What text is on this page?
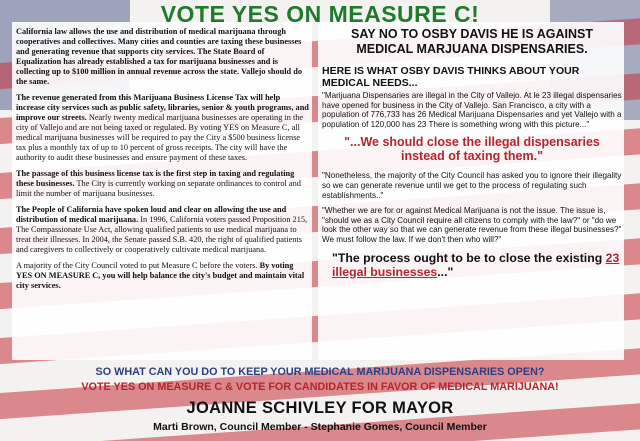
VOTE YES ON MEASURE C!

California law allows the use and distribution of medical marijuana through cooperatives and collectives. Many cities and counties are taxing these businesses and generating revenue that supports city services. The State Board of Equalization has already established a tax for marijuana businesses and is collecting up to $100 million in annual revenue across the state. Vallejo should do the same.

The revenue generated from this Marijuana Business License Tax will help increase city services such as public safety, libraries, senior & youth programs, and improve our streets. Nearly twenty medical marijuana businesses are operating in the city of Vallejo and are not being taxed or regulated. By voting YES on Measure C, all medical marijuana businesses will be required to pay the City a $500 business license tax plus a monthly tax of up to 10 percent of gross receipts. The city will have the authority to audit these businesses and ensure payment of these taxes.

The passage of this business license tax is the first step in taxing and regulating these businesses. The City is currently working on separate ordinances to control and limit the number of marijuana businesses.

The People of California have spoken loud and clear on allowing the use and distribution of medical marijuana. In 1996, California voters passed Proposition 215, The Compassionate Use Act, allowing qualified patients to use medical marijuana to treat their illnesses. In 2004, the Senate passed S.B. 420, the right of qualified patients and caregivers to collectively or cooperatively cultivate medical marijuana.

A majority of the City Council voted to put Measure C before the voters. By voting YES ON MEASURE C, you will help balance the city's budget and maintain vital city services.

SAY NO TO OSBY DAVIS HE IS AGAINST MEDICAL MARJUANA DISPENSARIES.

HERE IS WHAT OSBY DAVIS THINKS ABOUT YOUR MEDICAL NEEDS...

"Marijuana Dispensaries are illegal in the City of Vallejo. At le 23 illegal dispensaries have opened for business in the City of Vallejo. San Francisco, a city with a population of 776,733 has 26 Medical Marijuana Dispensaries and yet Vallejo with a population of 120,000 has 23 There is something wrong with this picture..."

"...We should close the illegal dispensaries instead of taxing them."

"Nonetheless, the majority of the City Council has asked you to ignore their illegality so we can generate revenue until we get to the process of regulating such establishments.."

"Whether we are for or against Medical Marijuana is not the issue. The issue is, "should we as a City Council require all citizens to comply with the law?" or "do we look the other way so that we can generate revenue from these illegal businesses?" We must follow the law. If we don't then who will?"

"The process ought to be to close the existing 23 illegal businesses..."

SO WHAT CAN YOU DO TO KEEP YOUR MEDICAL MARIJUANA DISPENSARIES OPEN?

VOTE YES ON MEASURE C & VOTE FOR CANDIDATES IN FAVOR OF MEDICAL MARIJUANA!

JOANNE SCHIVLEY FOR MAYOR

Marti Brown, Council Member - Stephanie Gomes, Council Member
